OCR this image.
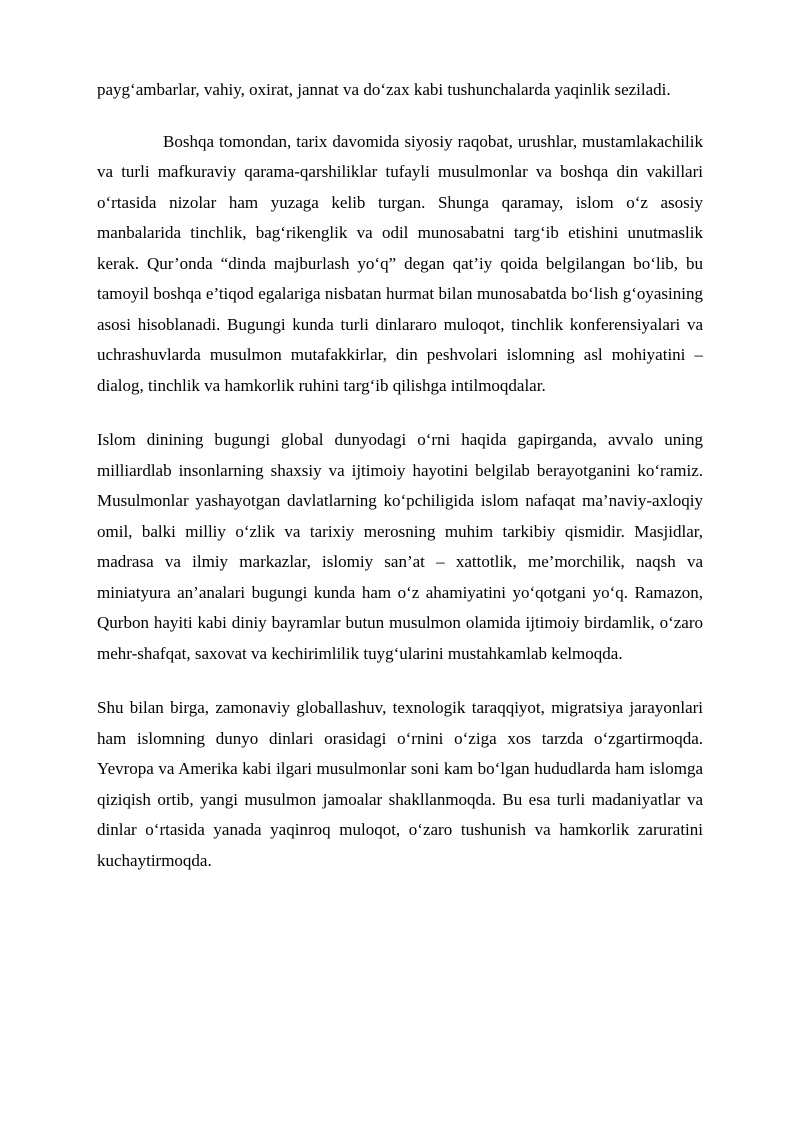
payg‘ambarlar, vahiy, oxirat, jannat va do‘zax kabi tushunchalarda yaqinlik seziladi.

Boshqa tomondan, tarix davomida siyosiy raqobat, urushlar, mustamlakachilik va turli mafkuraviy qarama-qarshiliklar tufayli musulmonlar va boshqa din vakillari o‘rtasida nizolar ham yuzaga kelib turgan. Shunga qaramay, islom o‘z asosiy manbalarida tinchlik, bag‘rikenglik va odil munosabatni targ‘ib etishini unutmaslik kerak. Qur’onda “dinda majburlash yo‘q” degan qat’iy qoida belgilangan bo‘lib, bu tamoyil boshqa e’tiqod egalariga nisbatan hurmat bilan munosabatda bo‘lish g‘oyasining asosi hisoblanadi. Bugungi kunda turli dinlararo muloqot, tinchlik konferensiyalari va uchrashuvlarda musulmon mutafakkirlar, din peshvolari islomning asl mohiyatini – dialog, tinchlik va hamkorlik ruhini targ‘ib qilishga intilmoqdalar.

Islom dinining bugungi global dunyodagi o‘rni haqida gapirganda, avvalo uning milliardlab insonlarning shaxsiy va ijtimoiy hayotini belgilab berayotganini ko‘ramiz. Musulmonlar yashayotgan davlatlarning ko‘pchiligida islom nafaqat ma’naviy-axloqiy omil, balki milliy o‘zlik va tarixiy merosning muhim tarkibiy qismidir. Masjidlar, madrasa va ilmiy markazlar, islomiy san’at – xattotlik, me’morchilik, naqsh va miniatyura an’analari bugungi kunda ham o‘z ahamiyatini yo‘qotgani yo‘q. Ramazon, Qurbon hayiti kabi diniy bayramlar butun musulmon olamida ijtimoiy birdamlik, o‘zaro mehr-shafqat, saxovat va kechirimlilik tuyg‘ularini mustahkamlab kelmoqda.

Shu bilan birga, zamonaviy globallashuv, texnologik taraqqiyot, migratsiya jarayonlari ham islomning dunyo dinlari orasidagi o‘rnini o‘ziga xos tarzda o‘zgartirmoqda. Yevropa va Amerika kabi ilgari musulmonlar soni kam bo‘lgan hududlarda ham islomga qiziqish ortib, yangi musulmon jamoalar shakllanmoqda. Bu esa turli madaniyatlar va dinlar o‘rtasida yanada yaqinroq muloqot, o‘zaro tushunish va hamkorlik zaruratini kuchaytirmoqda.
